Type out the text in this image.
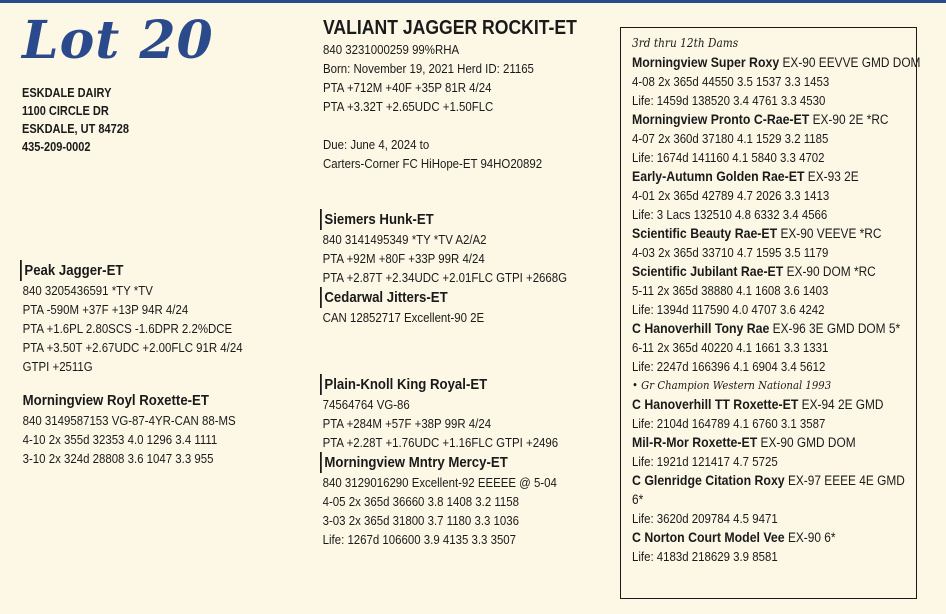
Lot 20
ESKDALE DAIRY
1100 CIRCLE DR
ESKDALE, UT 84728
435-209-0002
VALIANT JAGGER ROCKIT-ET
840 3231000259 99%RHA
Born: November 19, 2021 Herd ID: 21165
PTA +712M +40F +35P 81R 4/24
PTA +3.32T +2.65UDC +1.50FLC
Due: June 4, 2024 to
Carters-Corner FC HiHope-ET 94HO20892
Peak Jagger-ET
840 3205436591 *TY *TV
PTA -590M +37F +13P 94R 4/24
PTA +1.6PL 2.80SCS -1.6DPR 2.2%DCE
PTA +3.50T +2.67UDC +2.00FLC 91R 4/24
GTPI +2511G
Morningview Royl Roxette-ET
840 3149587153 VG-87-4YR-CAN 88-MS
4-10 2x 355d 32353 4.0 1296 3.4 1111
3-10 2x 324d 28808 3.6 1047 3.3 955
Siemers Hunk-ET
840 3141495349 *TY *TV A2/A2
PTA +92M +80F +33P 99R 4/24
PTA +2.87T +2.34UDC +2.01FLC GTPI +2668G
Cedarwal Jitters-ET
CAN 12852717 Excellent-90 2E
Plain-Knoll King Royal-ET
74564764 VG-86
PTA +284M +57F +38P 99R 4/24
PTA +2.28T +1.76UDC +1.16FLC GTPI +2496
Morningview Mntry Mercy-ET
840 3129016290 Excellent-92 EEEEE @ 5-04
4-05 2x 365d 36660 3.8 1408 3.2 1158
3-03 2x 365d 31800 3.7 1180 3.3 1036
Life: 1267d 106600 3.9 4135 3.3 3507
3rd thru 12th Dams
Morningview Super Roxy EX-90 EEVVE GMD DOM
4-08 2x 365d 44550 3.5 1537 3.3 1453
Life: 1459d 138520 3.4 4761 3.3 4530
Morningview Pronto C-Rae-ET EX-90 2E *RC
4-07 2x 360d 37180 4.1 1529 3.2 1185
Life: 1674d 141160 4.1 5840 3.3 4702
Early-Autumn Golden Rae-ET EX-93 2E
4-01 2x 365d 42789 4.7 2026 3.3 1413
Life: 3 Lacs 132510 4.8 6332 3.4 4566
Scientific Beauty Rae-ET EX-90 VEEVE *RC
4-03 2x 365d 33710 4.7 1595 3.5 1179
Scientific Jubilant Rae-ET EX-90 DOM *RC
5-11 2x 365d 38880 4.1 1608 3.6 1403
Life: 1394d 117590 4.0 4707 3.6 4242
C Hanoverhill Tony Rae EX-96 3E GMD DOM 5*
6-11 2x 365d 40220 4.1 1661 3.3 1331
Life: 2247d 166396 4.1 6904 3.4 5612
• Gr Champion Western National 1993
C Hanoverhill TT Roxette-ET EX-94 2E GMD
Life: 2104d 164789 4.1 6760 3.1 3587
Mil-R-Mor Roxette-ET EX-90 GMD DOM
Life: 1921d 121417 4.7 5725
C Glenridge Citation Roxy EX-97 EEEE 4E GMD
6*
Life: 3620d 209784 4.5 9471
C Norton Court Model Vee EX-90 6*
Life: 4183d 218629 3.9 8581
